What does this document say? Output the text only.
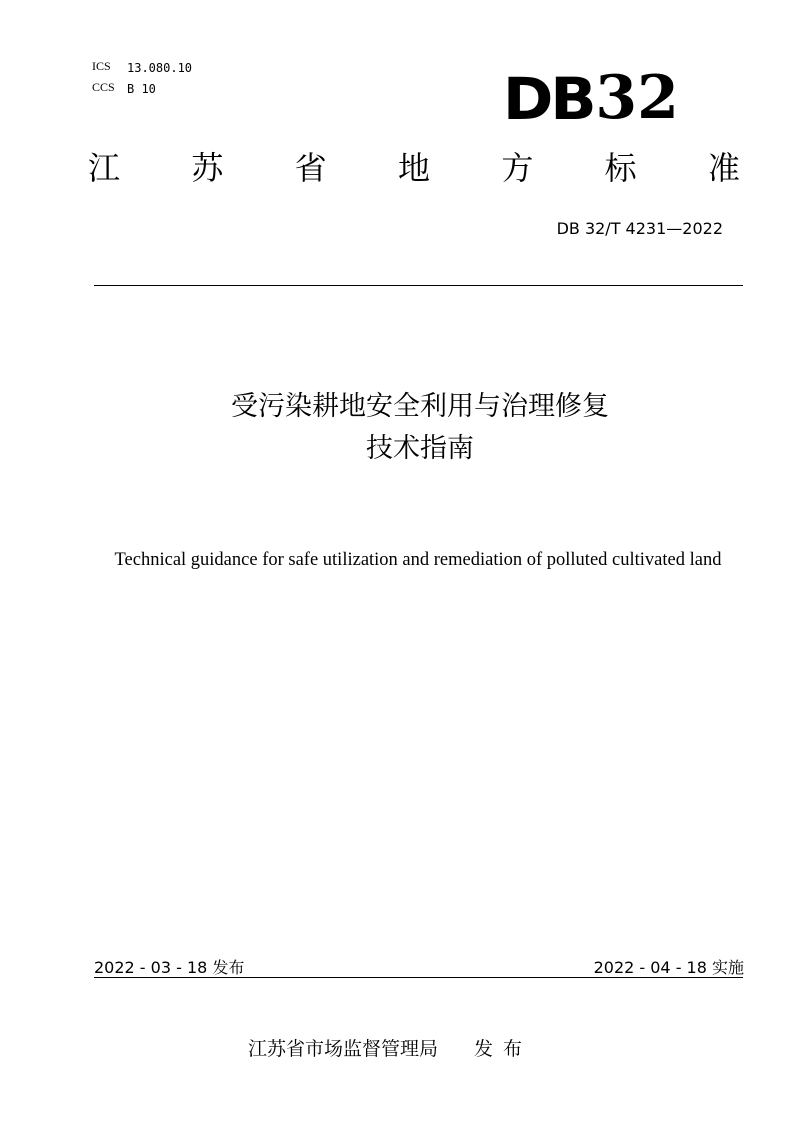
ICS 13.080.10
CCS B 10	DB 32
江 苏 省 地 方 标 准
DB 32/T 4231—2022
受污染耕地安全利用与治理修复
技术指南
Technical guidance for safe utilization and remediation of polluted cultivated land
2022 - 03 - 18 发布	2022 - 04 - 18 实施
江苏省市场监督管理局 发布
